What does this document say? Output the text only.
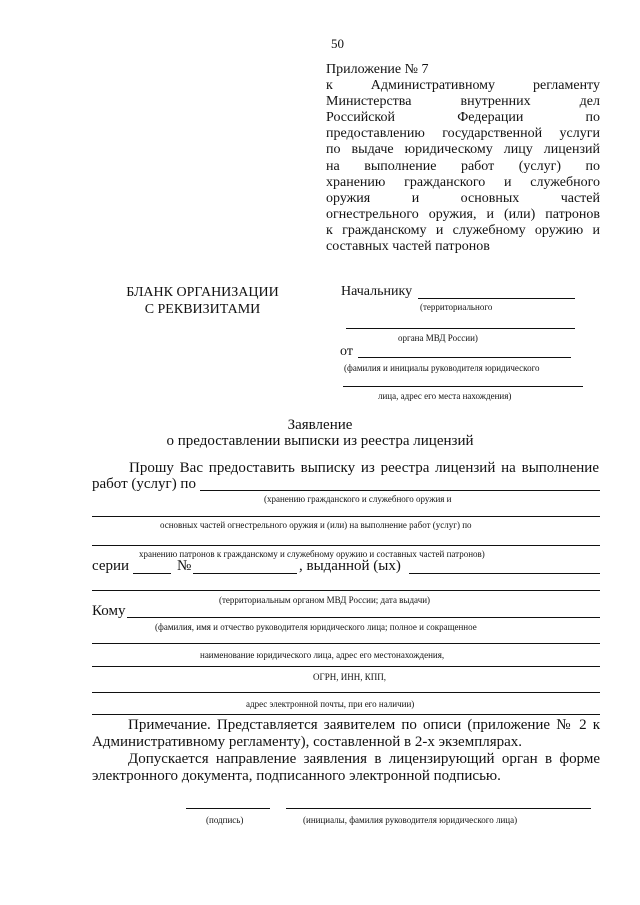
50
Приложение № 7
к Административному регламенту
Министерства внутренних дел
Российской Федерации по
предоставлению государственной услуги
по выдаче юридическому лицу лицензий
на выполнение работ (услуг) по
хранению гражданского и служебного
оружия и основных частей
огнестрельного оружия, и (или) патронов
к гражданскому и служебному оружию и
составных частей патронов
БЛАНК ОРГАНИЗАЦИИ
С РЕКВИЗИТАМИ
Начальнику
(территориального
органа МВД России)
от
(фамилия и инициалы руководителя юридического
лица, адрес его места нахождения)
Заявление
о предоставлении выписки из реестра лицензий
Прошу Вас предоставить выписку из реестра лицензий на выполнение
работ (услуг) по
(хранению гражданского и служебного оружия и
основных частей огнестрельного оружия и (или) на выполнение работ (услуг) по
хранению патронов к гражданскому и служебному оружию и составных частей патронов)
серии	№	, выданной (ых)
(территориальным органом МВД России; дата выдачи)
Кому
(фамилия, имя и отчество руководителя юридического лица; полное и сокращенное
наименование юридического лица, адрес его местонахождения,
ОГРН, ИНН, КПП,
адрес электронной почты, при его наличии)
Примечание. Представляется заявителем по описи (приложение № 2 к
Административному регламенту), составленной в 2-х экземплярах.
Допускается направление заявления в лицензирующий орган в форме
электронного документа, подписанного электронной подписью.
(подпись)	(инициалы, фамилия руководителя юридического лица)
